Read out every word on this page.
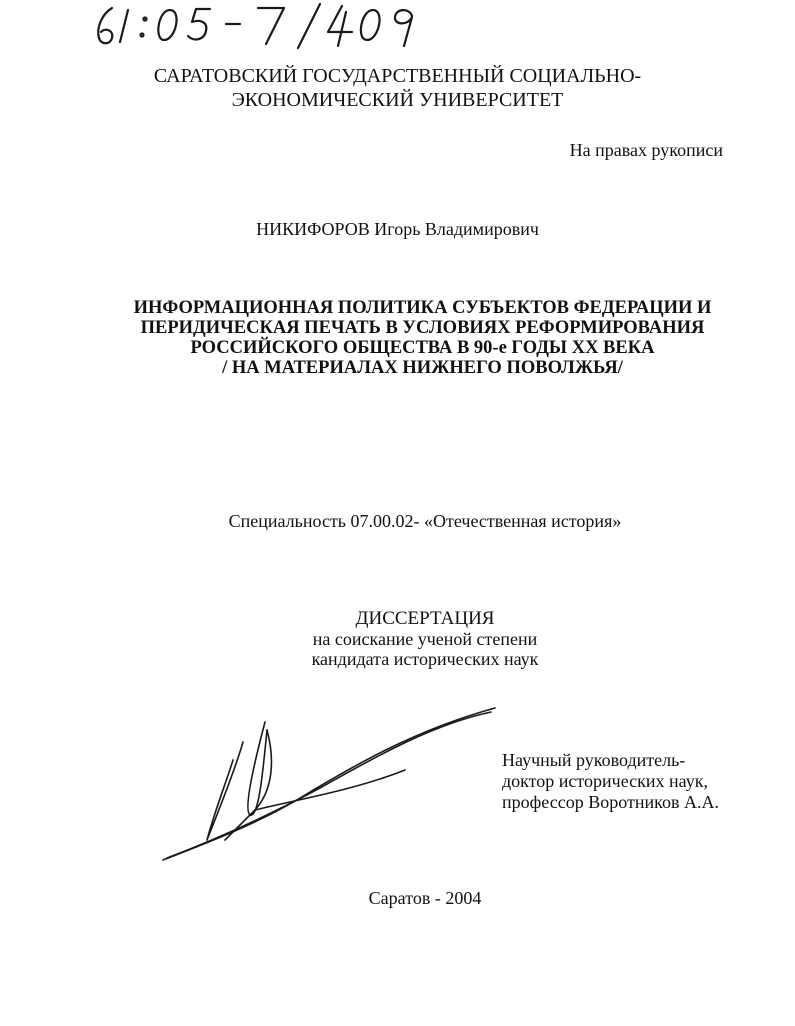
САРАТОВСКИЙ ГОСУДАРСТВЕННЫЙ СОЦИАЛЬНО-
ЭКОНОМИЧЕСКИЙ УНИВЕРСИТЕТ
На правах рукописи
НИКИФОРОВ Игорь Владимирович
ИНФОРМАЦИОННАЯ ПОЛИТИКА СУБЪЕКТОВ ФЕДЕРАЦИИ И
ПЕРИДИЧЕСКАЯ ПЕЧАТЬ В УСЛОВИЯХ РЕФОРМИРОВАНИЯ
РОССИЙСКОГО ОБЩЕСТВА В 90-е ГОДЫ XX ВЕКА
/ НА МАТЕРИАЛАХ НИЖНЕГО ПОВОЛЖЬЯ/
Специальность 07.00.02- «Отечественная история»
ДИССЕРТАЦИЯ
на соискание ученой степени
кандидата исторических наук
Научный руководитель-
доктор исторических наук,
профессор Воротников А.А.
Саратов - 2004
